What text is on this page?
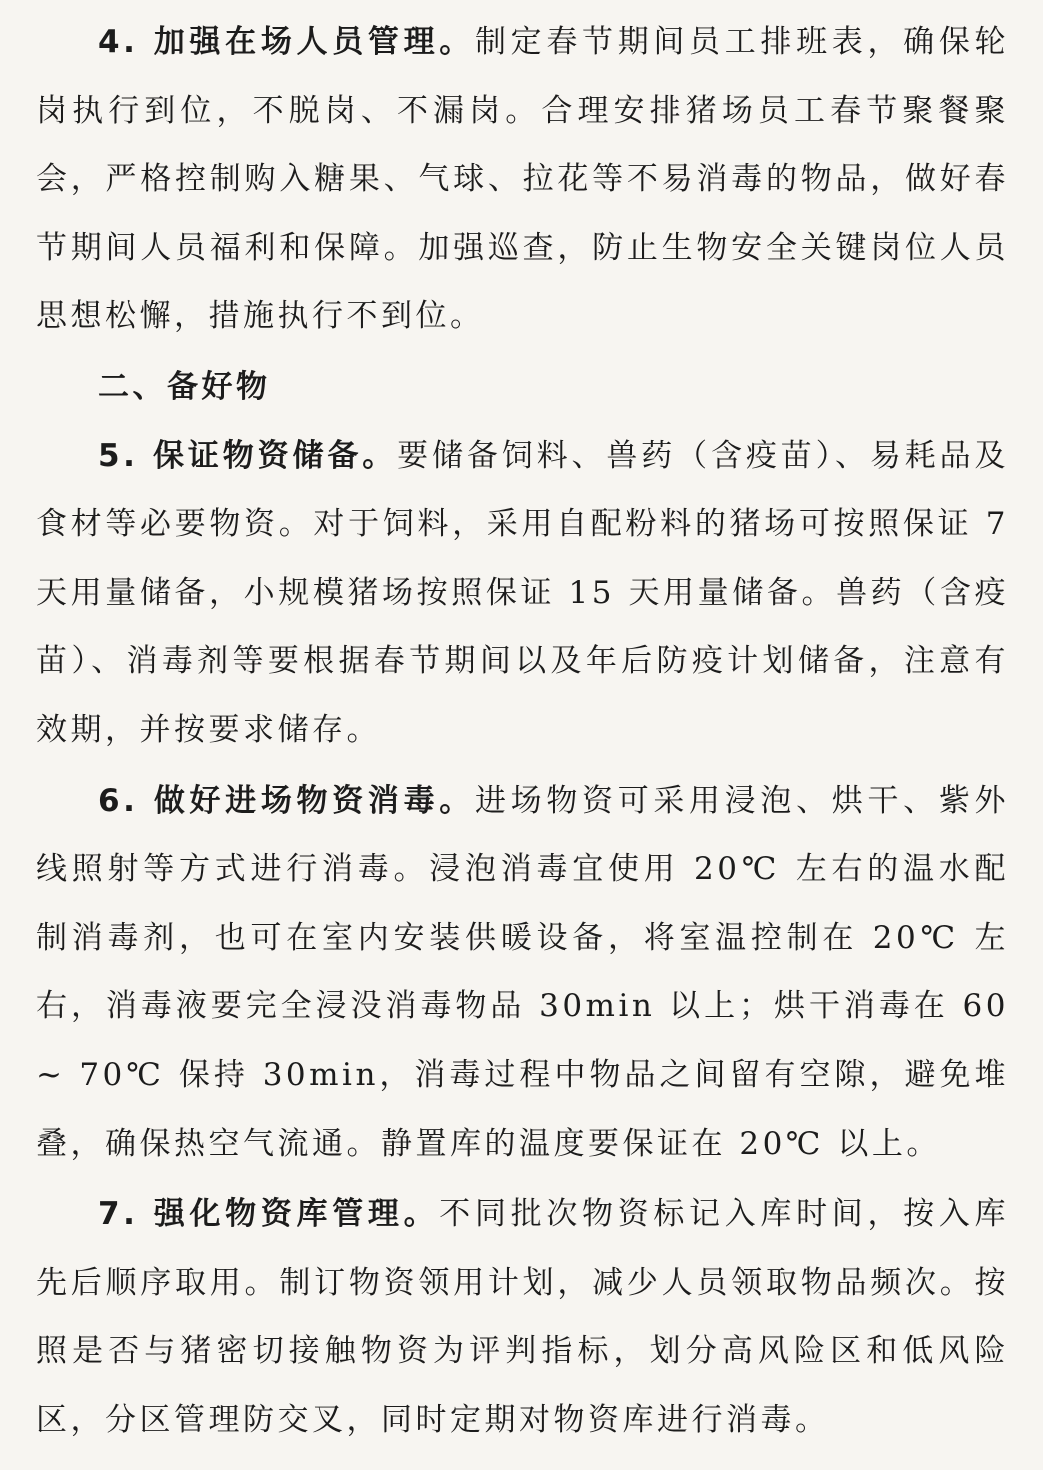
4. 加强在场人员管理。制定春节期间员工排班表，确保轮岗执行到位，不脱岗、不漏岗。合理安排猪场员工春节聚餐聚会，严格控制购入糖果、气球、拉花等不易消毒的物品，做好春节期间人员福利和保障。加强巡查，防止生物安全关键岗位人员思想松懈，措施执行不到位。

二、备好物

5. 保证物资储备。要储备饲料、兽药（含疫苗）、易耗品及食材等必要物资。对于饲料，采用自配粉料的猪场可按照保证 7 天用量储备，小规模猪场按照保证 15 天用量储备。兽药（含疫苗）、消毒剂等要根据春节期间以及年后防疫计划储备，注意有效期，并按要求储存。

6. 做好进场物资消毒。进场物资可采用浸泡、烘干、紫外线照射等方式进行消毒。浸泡消毒宜使用 20℃ 左右的温水配制消毒剂，也可在室内安装供暖设备，将室温控制在 20℃ 左右，消毒液要完全浸没消毒物品 30min 以上；烘干消毒在 60 ~ 70℃ 保持 30min，消毒过程中物品之间留有空隙，避免堆叠，确保热空气流通。静置库的温度要保证在 20℃ 以上。

7. 强化物资库管理。不同批次物资标记入库时间，按入库先后顺序取用。制订物资领用计划，减少人员领取物品频次。按照是否与猪密切接触物资为评判指标，划分高风险区和低风险区，分区管理防交叉，同时定期对物资库进行消毒。
